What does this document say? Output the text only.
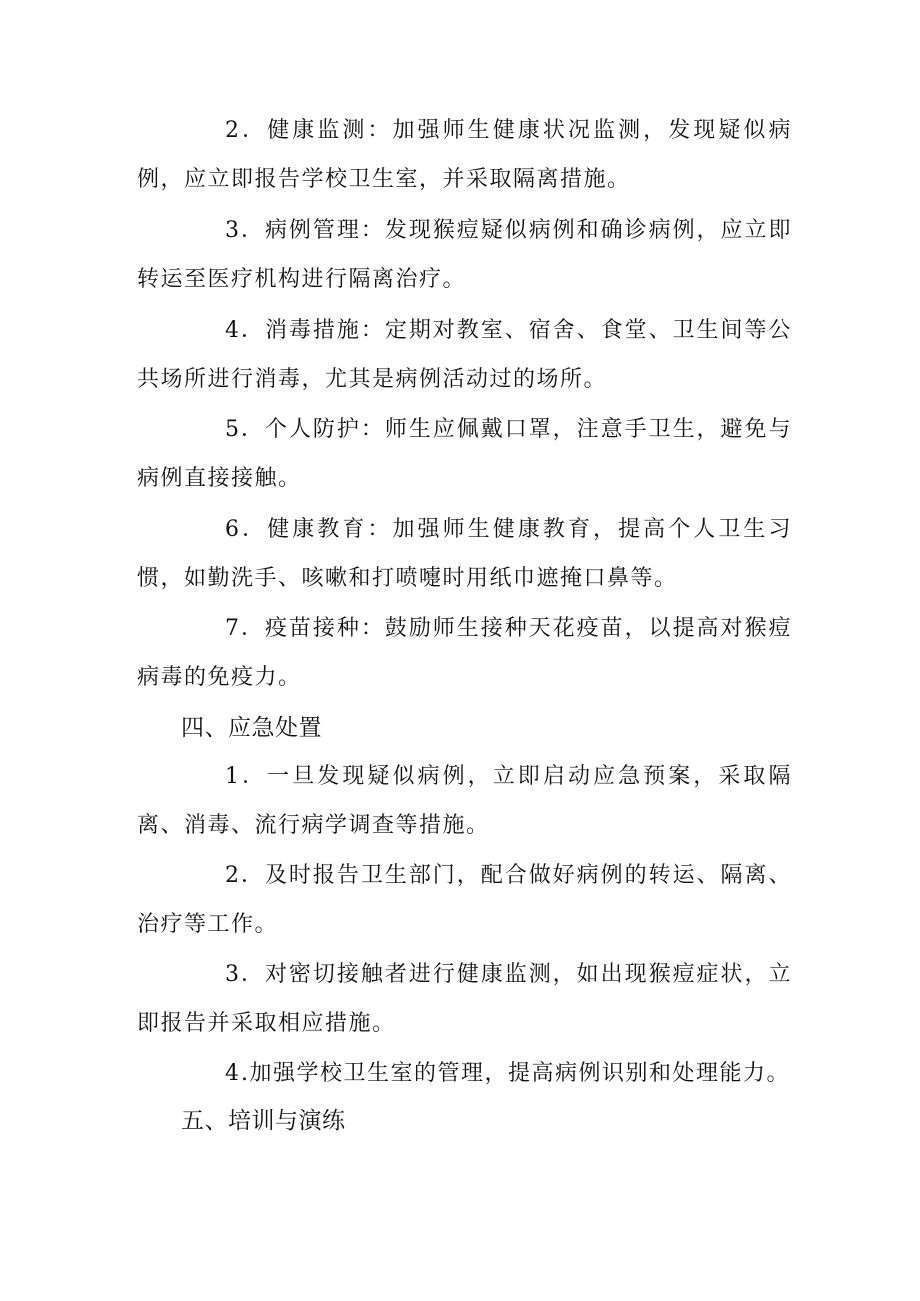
2．健康监测：加强师生健康状况监测，发现疑似病例，应立即报告学校卫生室，并采取隔离措施。

3．病例管理：发现猴痘疑似病例和确诊病例，应立即转运至医疗机构进行隔离治疗。

4．消毒措施：定期对教室、宿舍、食堂、卫生间等公共场所进行消毒，尤其是病例活动过的场所。

5．个人防护：师生应佩戴口罩，注意手卫生，避免与病例直接接触。

6．健康教育：加强师生健康教育，提高个人卫生习惯，如勤洗手、咳嗽和打喷嚏时用纸巾遮掩口鼻等。

7．疫苗接种：鼓励师生接种天花疫苗，以提高对猴痘病毒的免疫力。

四、应急处置

1．一旦发现疑似病例，立即启动应急预案，采取隔离、消毒、流行病学调查等措施。

2．及时报告卫生部门，配合做好病例的转运、隔离、治疗等工作。

3．对密切接触者进行健康监测，如出现猴痘症状，立即报告并采取相应措施。

4.加强学校卫生室的管理，提高病例识别和处理能力。

五、培训与演练
